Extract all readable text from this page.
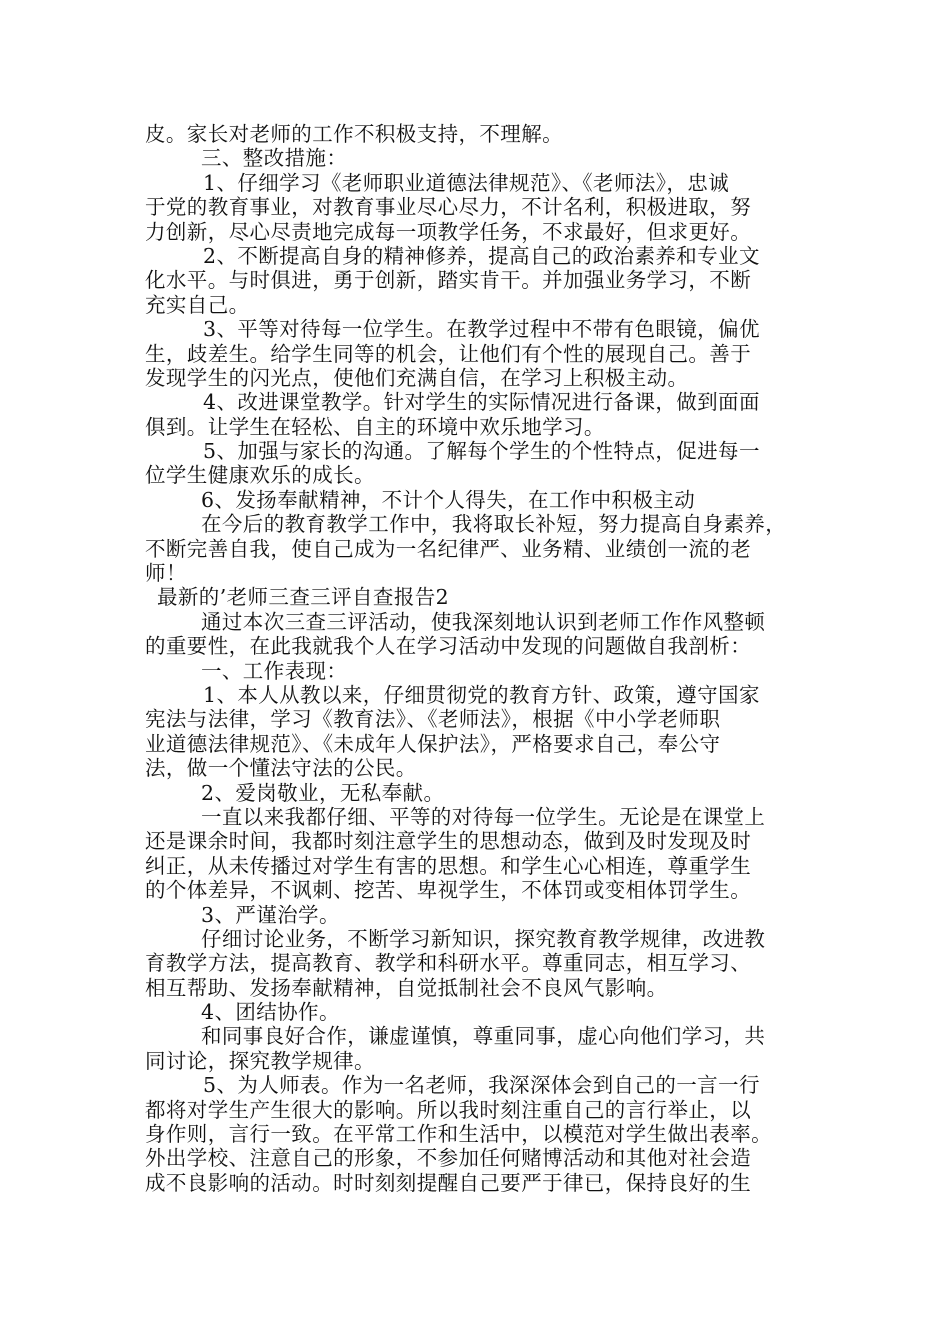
皮。家长对老师的工作不积极支持，不理解。
三、整改措施：
1、仔细学习《老师职业道德法律规范》、《老师法》，忠诚
于党的教育事业，对教育事业尽心尽力，不计名利，积极进取，努
力创新，尽心尽责地完成每一项教学任务，不求最好，但求更好。
2、不断提高自身的精神修养，提高自己的政治素养和专业文
化水平。与时俱进，勇于创新，踏实肯干。并加强业务学习，不断
充实自己。
3、平等对待每一位学生。在教学过程中不带有色眼镜，偏优
生，歧差生。给学生同等的机会，让他们有个性的展现自己。善于
发现学生的闪光点，使他们充满自信，在学习上积极主动。
4、改进课堂教学。针对学生的实际情况进行备课，做到面面
俱到。让学生在轻松、自主的环境中欢乐地学习。
5、加强与家长的沟通。了解每个学生的个性特点，促进每一
位学生健康欢乐的成长。
6、发扬奉献精神，不计个人得失，在工作中积极主动
在今后的教育教学工作中，我将取长补短，努力提高自身素养，
不断完善自我，使自己成为一名纪律严、业务精、业绩创一流的老
师！
最新的’老师三查三评自查报告2
通过本次三查三评活动，使我深刻地认识到老师工作作风整顿
的重要性，在此我就我个人在学习活动中发现的问题做自我剖析：
一、工作表现：
1、本人从教以来，仔细贯彻党的教育方针、政策，遵守国家
宪法与法律，学习《教育法》、《老师法》，根据《中小学老师职
业道德法律规范》、《未成年人保护法》，严格要求自己，奉公守
法，做一个懂法守法的公民。
2、爱岗敬业，无私奉献。
一直以来我都仔细、平等的对待每一位学生。无论是在课堂上
还是课余时间，我都时刻注意学生的思想动态，做到及时发现及时
纠正，从未传播过对学生有害的思想。和学生心心相连，尊重学生
的个体差异，不讽刺、挖苦、卑视学生，不体罚或变相体罚学生。
3、严谨治学。
仔细讨论业务，不断学习新知识，探究教育教学规律，改进教
育教学方法，提高教育、教学和科研水平。尊重同志，相互学习、
相互帮助、发扬奉献精神，自觉抵制社会不良风气影响。
4、团结协作。
和同事良好合作，谦虚谨慎，尊重同事，虚心向他们学习，共
同讨论，探究教学规律。
5、为人师表。作为一名老师，我深深体会到自己的一言一行
都将对学生产生很大的影响。所以我时刻注重自己的言行举止，以
身作则，言行一致。在平常工作和生活中，以模范对学生做出表率。
外出学校、注意自己的形象，不参加任何赌博活动和其他对社会造
成不良影响的活动。时时刻刻提醒自己要严于律已，保持良好的生
